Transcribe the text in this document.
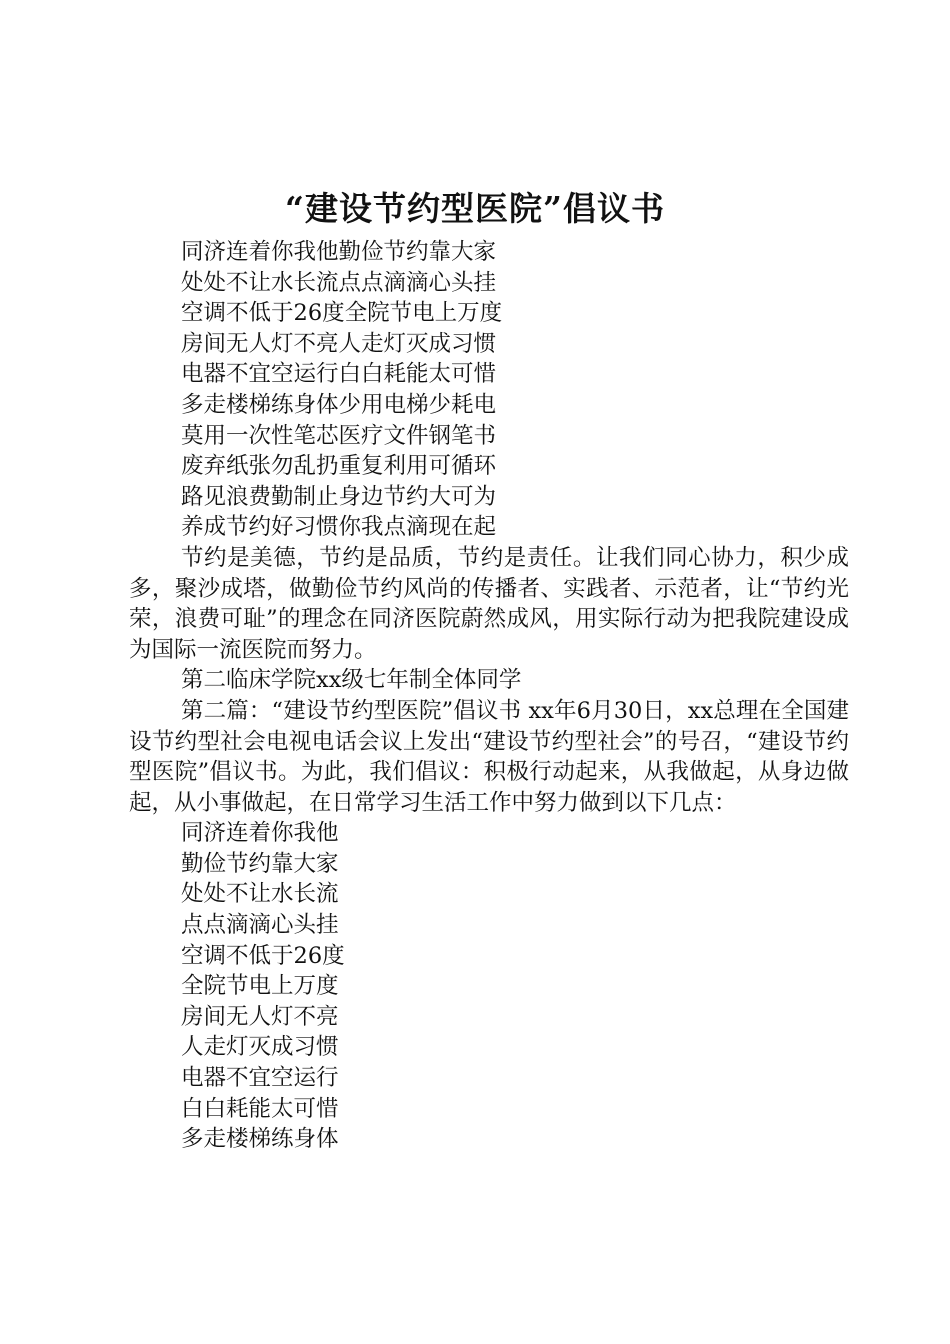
“建设节约型医院”倡议书
同济连着你我他勤俭节约靠大家
处处不让水长流点点滴滴心头挂
空调不低于26度全院节电上万度
房间无人灯不亮人走灯灭成习惯
电器不宜空运行白白耗能太可惜
多走楼梯练身体少用电梯少耗电
莫用一次性笔芯医疗文件钢笔书
废弃纸张勿乱扔重复利用可循环
路见浪费勤制止身边节约大可为
养成节约好习惯你我点滴现在起

节约是美德，节约是品质，节约是责任。让我们同心协力，积少成多，聚沙成塔，做勤俭节约风尚的传播者、实践者、示范者，让“节约光荣，浪费可耻”的理念在同济医院蔚然成风，用实际行动为把我院建设成为国际一流医院而努力。

第二临床学院xx级七年制全体同学

第二篇：“建设节约型医院”倡议书 xx年6月30日，xx总理在全国建设节约型社会电视电话会议上发出“建设节约型社会”的号召，“建设节约型医院”倡议书。为此，我们倡议：积极行动起来，从我做起，从身边做起，从小事做起，在日常学习生活工作中努力做到以下几点：

同济连着你我他
勤俭节约靠大家
处处不让水长流
点点滴滴心头挂
空调不低于26度
全院节电上万度
房间无人灯不亮
人走灯灭成习惯
电器不宜空运行
白白耗能太可惜
多走楼梯练身体
